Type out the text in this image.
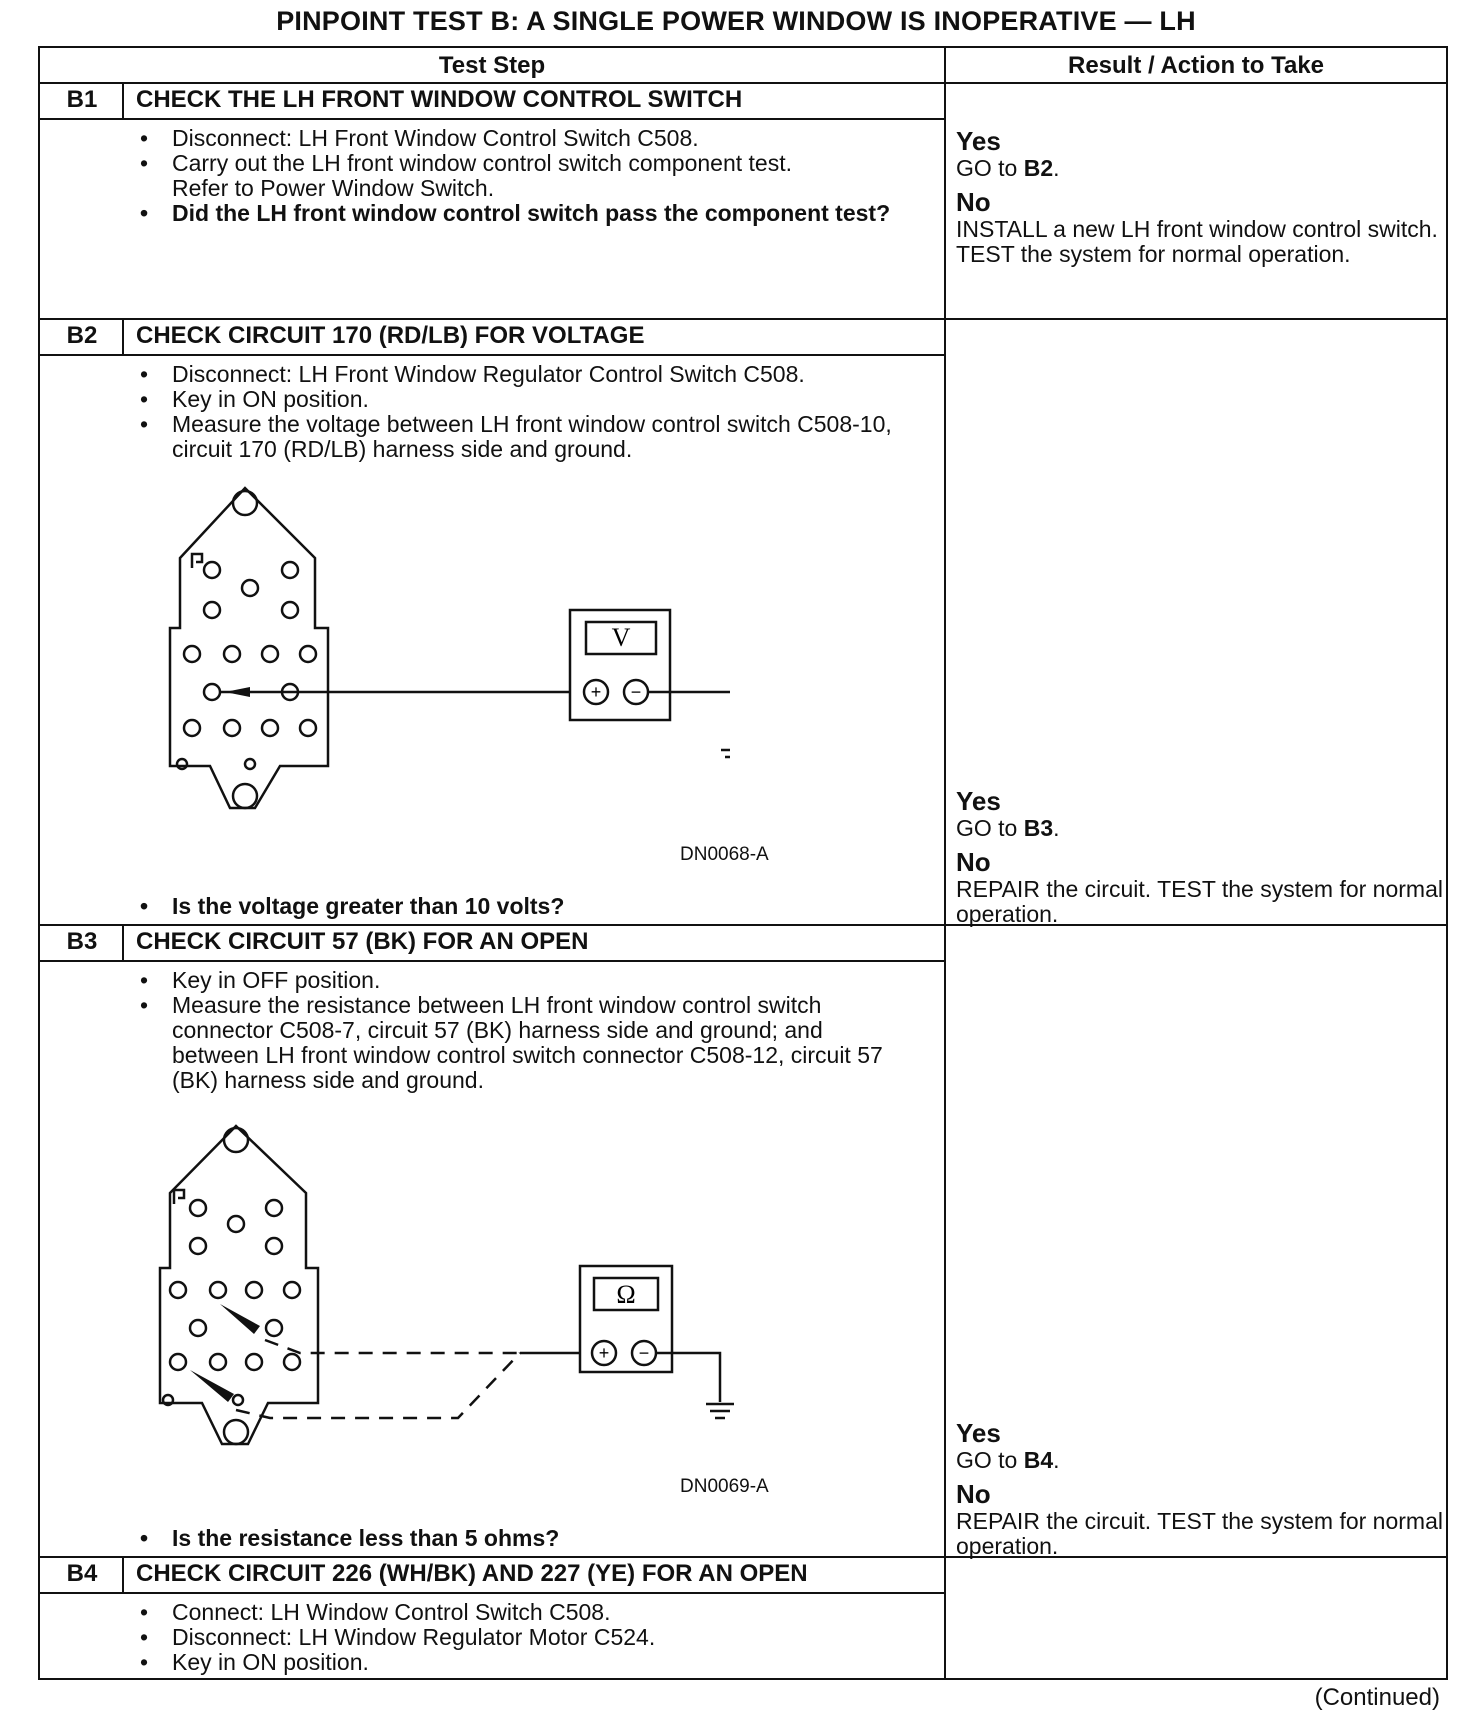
PINPOINT TEST B: A SINGLE POWER WINDOW IS INOPERATIVE — LH
Test Step	Result / Action to Take
B1	CHECK THE LH FRONT WINDOW CONTROL SWITCH
• Disconnect: LH Front Window Control Switch C508.
• Carry out the LH front window control switch component test.
Refer to Power Window Switch.
• Did the LH front window control switch pass the component test?
Yes
GO to B2.
No
INSTALL a new LH front window control switch.
TEST the system for normal operation.
B2	CHECK CIRCUIT 170 (RD/LB) FOR VOLTAGE
• Disconnect: LH Front Window Regulator Control Switch C508.
• Key in ON position.
• Measure the voltage between LH front window control switch C508-10, circuit 170 (RD/LB) harness side and ground.
V
+ −
DN0068-A
• Is the voltage greater than 10 volts?
Yes
GO to B3.
No
REPAIR the circuit. TEST the system for normal operation.
B3	CHECK CIRCUIT 57 (BK) FOR AN OPEN
• Key in OFF position.
• Measure the resistance between LH front window control switch connector C508-7, circuit 57 (BK) harness side and ground; and between LH front window control switch connector C508-12, circuit 57 (BK) harness side and ground.
Ω
+ −
DN0069-A
• Is the resistance less than 5 ohms?
Yes
GO to B4.
No
REPAIR the circuit. TEST the system for normal operation.
B4	CHECK CIRCUIT 226 (WH/BK) AND 227 (YE) FOR AN OPEN
• Connect: LH Window Control Switch C508.
• Disconnect: LH Window Regulator Motor C524.
• Key in ON position.
(Continued)
